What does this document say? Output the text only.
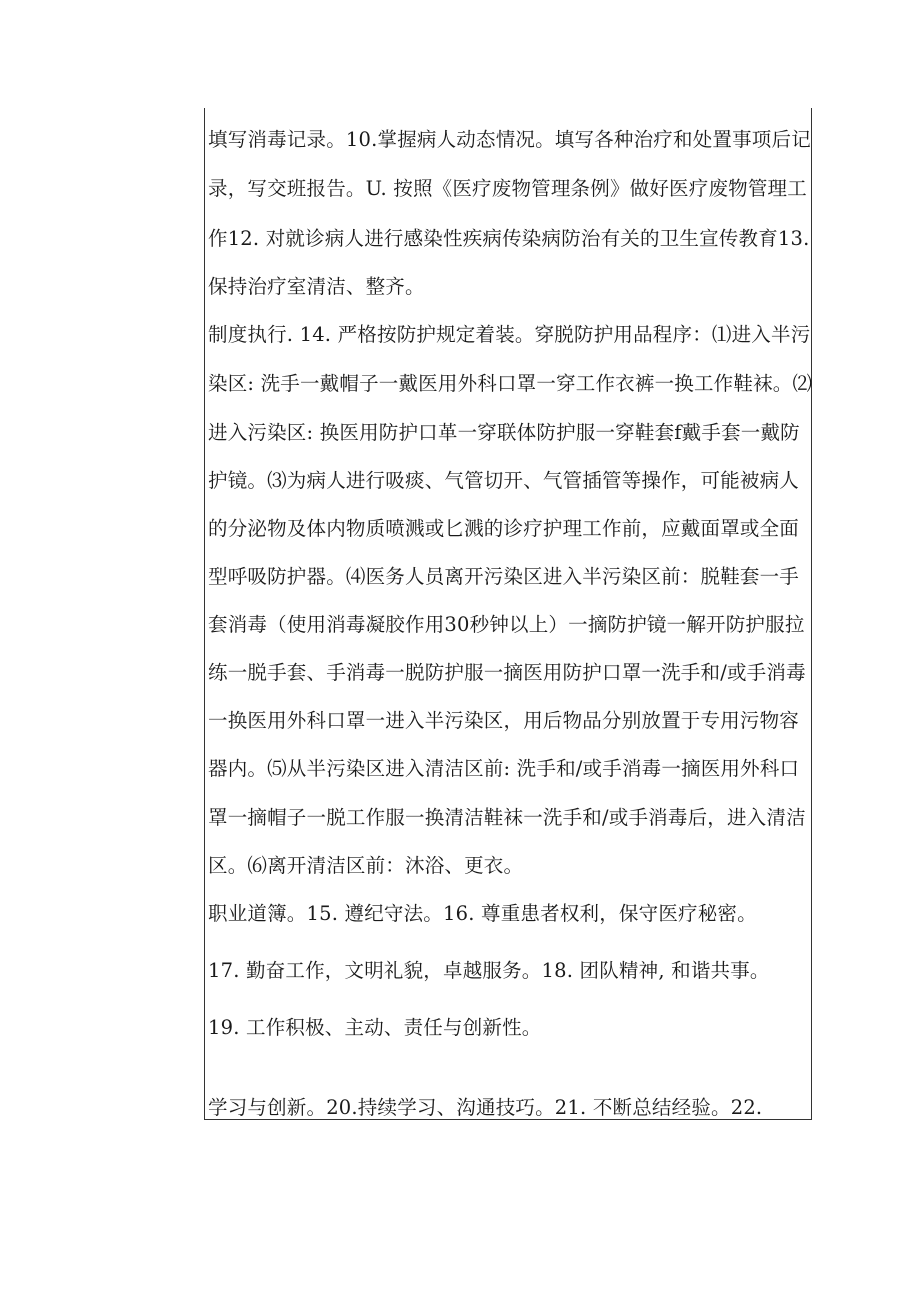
填写消毒记录。10.掌握病人动态情况。填写各种治疗和处置事项后记
录，写交班报告。U. 按照《医疗废物管理条例》做好医疗废物管理工
作12. 对就诊病人进行感染性疾病传染病防治有关的卫生宣传教育13.
保持治疗室清洁、整齐。
制度执行. 14. 严格按防护规定着装。穿脱防护用品程序：⑴进入半污
染区: 洗手一戴帽子一戴医用外科口罩一穿工作衣裤一换工作鞋袜。⑵
进入污染区: 换医用防护口革一穿联体防护服一穿鞋套f戴手套一戴防
护镜。⑶为病人进行吸痰、气管切开、气管插管等操作，可能被病人
的分泌物及体内物质喷溅或匕溅的诊疗护理工作前，应戴面罩或全面
型呼吸防护器。⑷医务人员离开污染区进入半污染区前：脱鞋套一手
套消毒（使用消毒凝胶作用30秒钟以上）一摘防护镜一解开防护服拉
练一脱手套、手消毒一脱防护服一摘医用防护口罩一洗手和/或手消毒
一换医用外科口罩一进入半污染区，用后物品分别放置于专用污物容
器内。⑸从半污染区进入清洁区前: 洗手和/或手消毒一摘医用外科口
罩一摘帽子一脱工作服一换清洁鞋袜一洗手和/或手消毒后，进入清洁
区。⑹离开清洁区前：沐浴、更衣。
职业道簿。15. 遵纪守法。16. 尊重患者权利，保守医疗秘密。
17. 勤奋工作，文明礼貌，卓越服务。18. 团队精神, 和谐共事。
19. 工作积极、主动、责任与创新性。
学习与创新。20.持续学习、沟通技巧。21. 不断总结经验。22.
